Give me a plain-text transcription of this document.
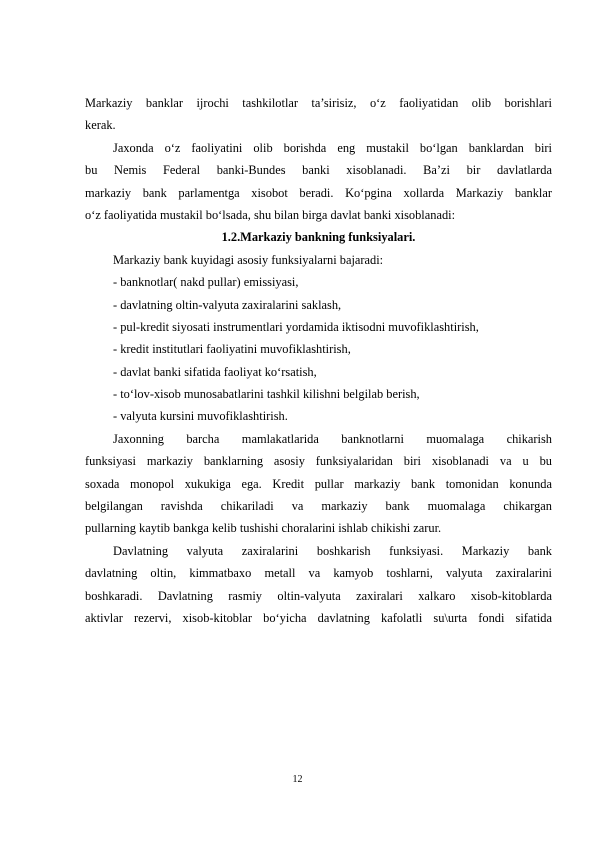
Markaziy banklar ijrochi tashkilotlar ta’sirisiz, o‘z faoliyatidan olib borishlari
kerak.
Jaxonda o‘z faoliyatini olib borishda eng mustakil bo‘lgan banklardan biri
bu Nemis Federal banki-Bundes banki xisoblanadi. Ba’zi bir davlatlarda
markaziy bank parlamentga xisobot beradi. Ko‘pgina xollarda Markaziy banklar
o‘z faoliyatida mustakil bo‘lsada, shu bilan birga davlat banki xisoblanadi:
1.2.Markaziy bankning funksiyalari.
Markaziy bank kuyidagi asosiy funksiyalarni bajaradi:
- banknotlar( nakd pullar) emissiyasi,
- davlatning oltin-valyuta zaxiralarini saklash,
- pul-kredit siyosati instrumentlari yordamida iktisodni muvofiklashtirish,
- kredit institutlari faoliyatini muvofiklashtirish,
- davlat banki sifatida faoliyat ko‘rsatish,
- to‘lov-xisob munosabatlarini tashkil kilishni belgilab berish,
- valyuta kursini muvofiklashtirish.
Jaxonning barcha mamlakatlarida banknotlarni muomalaga chikarish
funksiyasi markaziy banklarning asosiy funksiyalaridan biri xisoblanadi va u bu
soxada monopol xukukiga ega. Kredit pullar markaziy bank tomonidan konunda
belgilangan ravishda chikariladi va markaziy bank muomalaga chikargan
pullarning kaytib bankga kelib tushishi choralarini ishlab chikishi zarur.
Davlatning valyuta zaxiralarini boshkarish funksiyasi. Markaziy bank
davlatning oltin, kimmatbaxo metall va kamyob toshlarni, valyuta zaxiralarini
boshkaradi. Davlatning rasmiy oltin-valyuta zaxiralari xalkaro xisob-kitoblarda
aktivlar rezervi, xisob-kitoblar bo‘yicha davlatning kafolatli su\urta fondi sifatida
12
